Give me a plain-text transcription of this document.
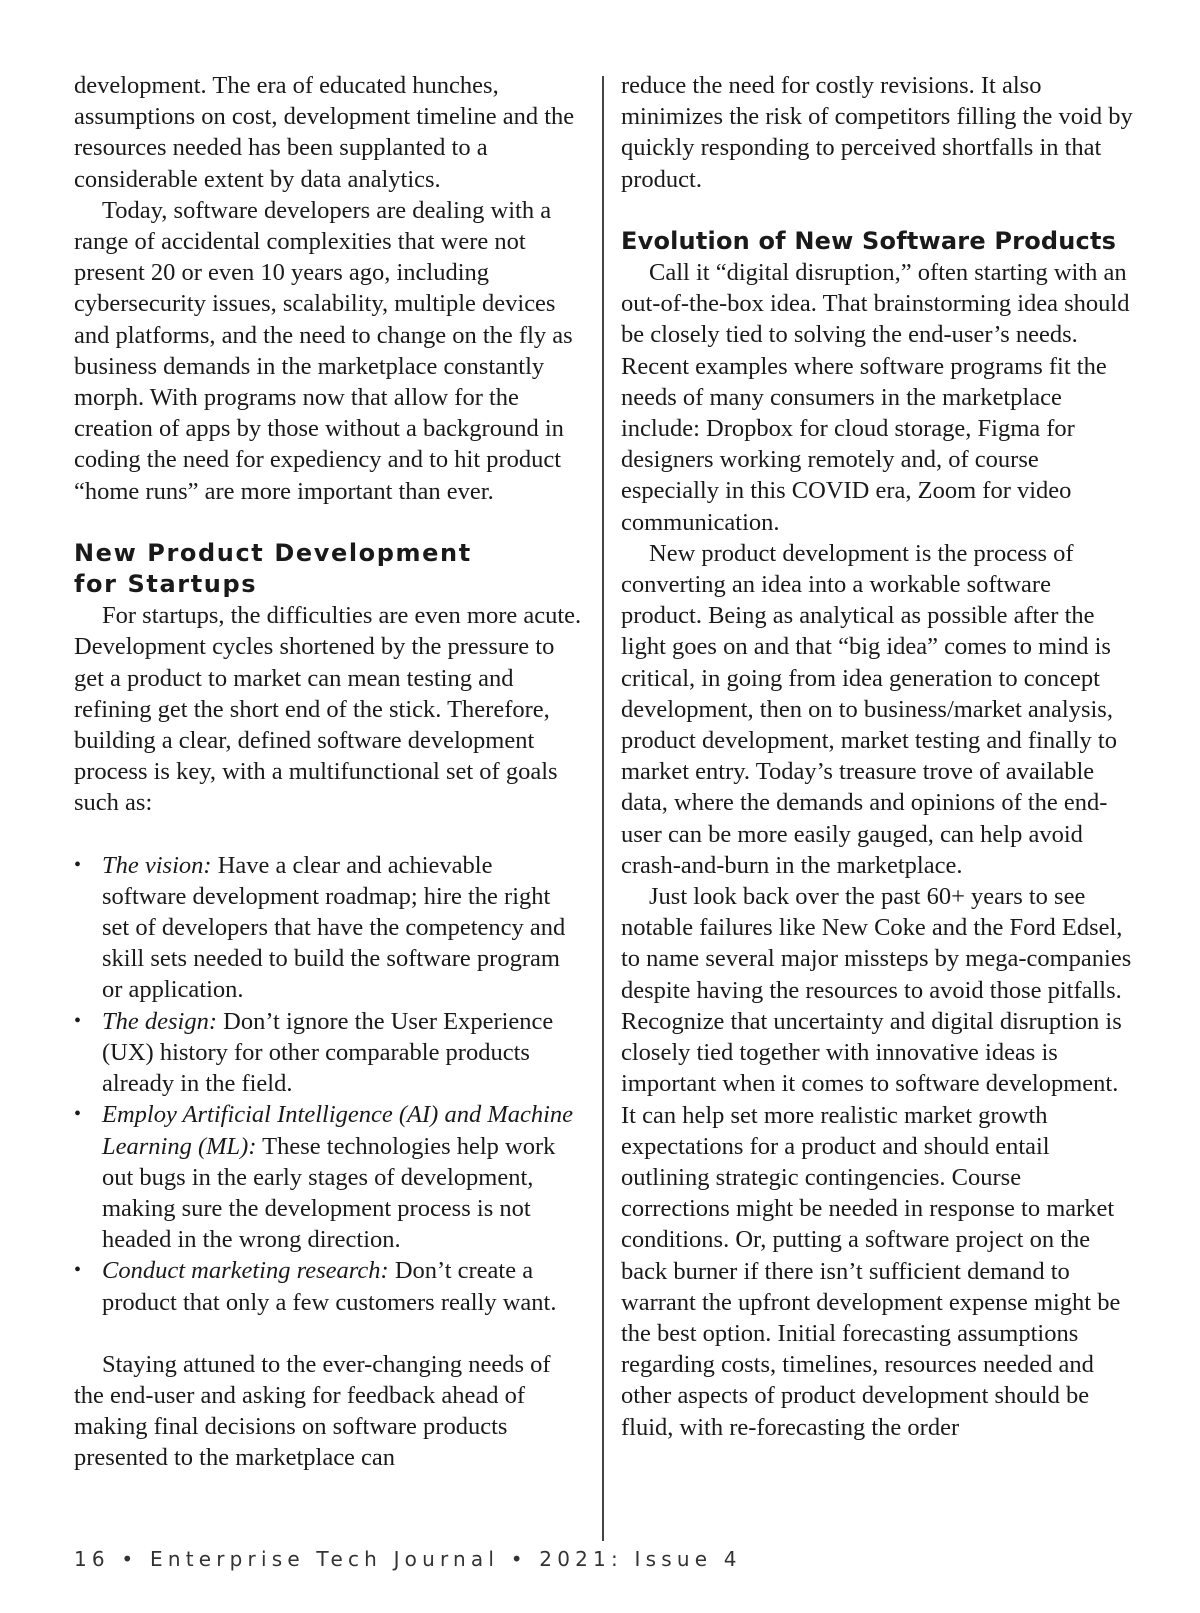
development. The era of educated hunches, assumptions on cost, development timeline and the resources needed has been supplanted to a considerable extent by data analytics.

Today, software developers are dealing with a range of accidental complexities that were not present 20 or even 10 years ago, including cybersecurity issues, scalability, multiple devices and platforms, and the need to change on the fly as business demands in the marketplace constantly morph. With programs now that allow for the creation of apps by those without a background in coding the need for expediency and to hit product “home runs” are more important than ever.

New Product Development
for Startups

For startups, the difficulties are even more acute. Development cycles shortened by the pressure to get a product to market can mean testing and refining get the short end of the stick. Therefore, building a clear, defined software development process is key, with a multifunctional set of goals such as:

• The vision: Have a clear and achievable software development roadmap; hire the right set of developers that have the competency and skill sets needed to build the software program or application.
• The design: Don’t ignore the User Experience (UX) history for other comparable products already in the field.
• Employ Artificial Intelligence (AI) and Machine Learning (ML): These technologies help work out bugs in the early stages of development, making sure the development process is not headed in the wrong direction.
• Conduct marketing research: Don’t create a product that only a few customers really want.

Staying attuned to the ever-changing needs of the end-user and asking for feedback ahead of making final decisions on software products presented to the marketplace can

reduce the need for costly revisions. It also minimizes the risk of competitors filling the void by quickly responding to perceived shortfalls in that product.

Evolution of New Software Products

Call it “digital disruption,” often starting with an out-of-the-box idea. That brainstorming idea should be closely tied to solving the end-user’s needs. Recent examples where software programs fit the needs of many consumers in the marketplace include: Dropbox for cloud storage, Figma for designers working remotely and, of course especially in this COVID era, Zoom for video communication.

New product development is the process of converting an idea into a workable software product. Being as analytical as possible after the light goes on and that “big idea” comes to mind is critical, in going from idea generation to concept development, then on to business/market analysis, product development, market testing and finally to market entry. Today’s treasure trove of available data, where the demands and opinions of the end-user can be more easily gauged, can help avoid crash-and-burn in the marketplace.

Just look back over the past 60+ years to see notable failures like New Coke and the Ford Edsel, to name several major missteps by mega-companies despite having the resources to avoid those pitfalls. Recognize that uncertainty and digital disruption is closely tied together with innovative ideas is important when it comes to software development. It can help set more realistic market growth expectations for a product and should entail outlining strategic contingencies. Course corrections might be needed in response to market conditions. Or, putting a software project on the back burner if there isn’t sufficient demand to warrant the upfront development expense might be the best option. Initial forecasting assumptions regarding costs, timelines, resources needed and other aspects of product development should be fluid, with re-forecasting the order

16 • Enterprise Tech Journal • 2021: Issue 4
